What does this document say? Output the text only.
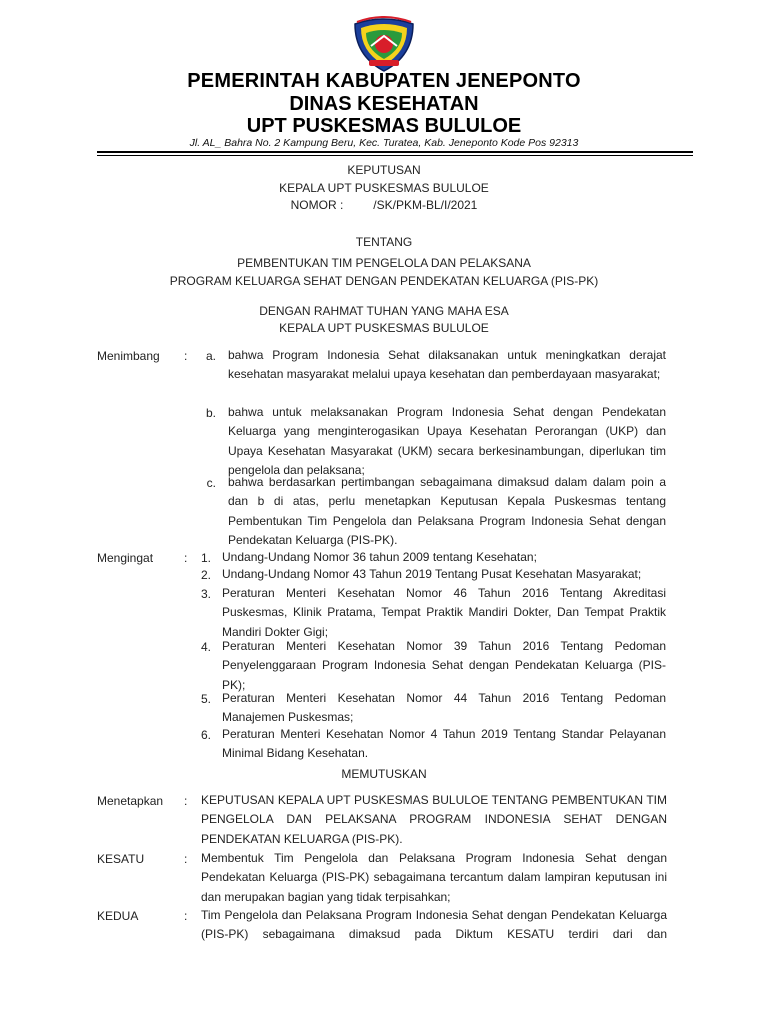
PEMERINTAH KABUPATEN JENEPONTO
DINAS KESEHATAN
UPT PUSKESMAS BULULOE
Jl. AL_ Bahra No. 2 Kampung Beru, Kec. Turatea, Kab. Jeneponto Kode Pos 92313
KEPUTUSAN
KEPALA UPT PUSKESMAS BULULOE
NOMOR :	/SK/PKM-BL/I/2021
TENTANG
PEMBENTUKAN TIM PENGELOLA DAN PELAKSANA
PROGRAM KELUARGA SEHAT DENGAN PENDEKATAN KELUARGA (PIS-PK)
DENGAN RAHMAT TUHAN YANG MAHA ESA
KEPALA UPT PUSKESMAS BULULOE
Menimbang :	a. bahwa Program Indonesia Sehat dilaksanakan untuk meningkatkan derajat kesehatan masyarakat melalui upaya kesehatan dan pemberdayaan masyarakat;
b. bahwa untuk melaksanakan Program Indonesia Sehat dengan Pendekatan Keluarga yang menginterogasikan Upaya Kesehatan Perorangan (UKP) dan Upaya Kesehatan Masyarakat (UKM) secara berkesinambungan, diperlukan tim pengelola dan pelaksana;
c. bahwa berdasarkan pertimbangan sebagaimana dimaksud dalam dalam poin a dan b di atas, perlu menetapkan Keputusan Kepala Puskesmas tentang Pembentukan Tim Pengelola dan Pelaksana Program Indonesia Sehat dengan Pendekatan Keluarga (PIS-PK).
Mengingat	:	1. Undang-Undang Nomor 36 tahun 2009 tentang Kesehatan;
2. Undang-Undang Nomor 43 Tahun 2019 Tentang Pusat Kesehatan Masyarakat;
3. Peraturan Menteri Kesehatan Nomor 46 Tahun 2016 Tentang Akreditasi Puskesmas, Klinik Pratama, Tempat Praktik Mandiri Dokter, Dan Tempat Praktik Mandiri Dokter Gigi;
4. Peraturan Menteri Kesehatan Nomor 39 Tahun 2016 Tentang Pedoman Penyelenggaraan Program Indonesia Sehat dengan Pendekatan Keluarga (PIS-PK);
5. Peraturan Menteri Kesehatan Nomor 44 Tahun 2016 Tentang Pedoman Manajemen Puskesmas;
6. Peraturan Menteri Kesehatan Nomor 4 Tahun 2019 Tentang Standar Pelayanan Minimal Bidang Kesehatan.
MEMUTUSKAN
Menetapkan : KEPUTUSAN KEPALA UPT PUSKESMAS BULULOE TENTANG PEMBENTUKAN TIM PENGELOLA DAN PELAKSANA PROGRAM INDONESIA SEHAT DENGAN PENDEKATAN KELUARGA (PIS-PK).
KESATU	: Membentuk Tim Pengelola dan Pelaksana Program Indonesia Sehat dengan Pendekatan Keluarga (PIS-PK) sebagaimana tercantum dalam lampiran keputusan ini dan merupakan bagian yang tidak terpisahkan;
KEDUA	: Tim Pengelola dan Pelaksana Program Indonesia Sehat dengan Pendekatan Keluarga (PIS-PK) sebagaimana dimaksud pada Diktum KESATU terdiri dari dan
